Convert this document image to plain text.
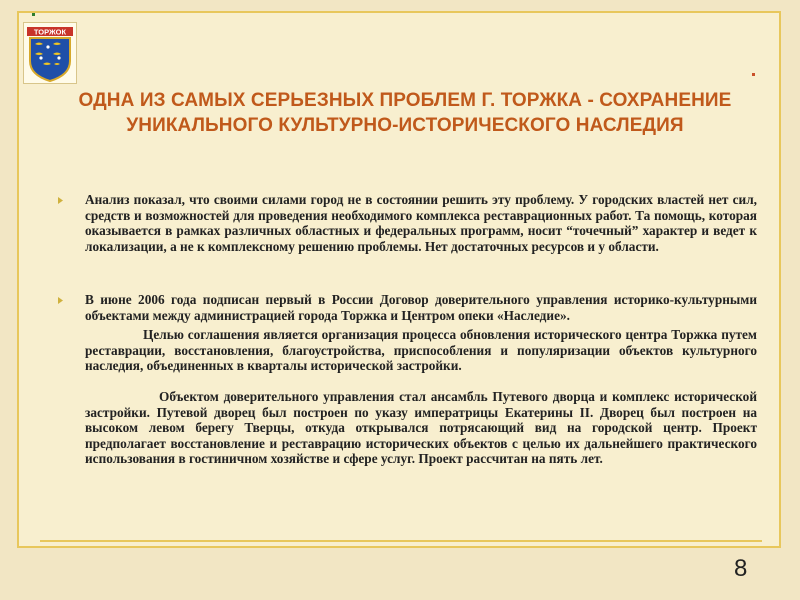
ТОРЖОК
ОДНА ИЗ САМЫХ СЕРЬЕЗНЫХ ПРОБЛЕМ Г. ТОРЖКА - СОХРАНЕНИЕ УНИКАЛЬНОГО КУЛЬТУРНО-ИСТОРИЧЕСКОГО НАСЛЕДИЯ
Анализ показал, что своими силами город не в состоянии решить эту проблему. У городских властей нет сил, средств и возможностей для проведения необходимого комплекса реставрационных работ. Та помощь, которая оказывается в рамках различных областных и федеральных программ, носит “точечный” характер и ведет к локализации, а не к комплексному решению проблемы. Нет достаточных ресурсов и у области.
В июне 2006 года подписан первый в России Договор доверительного управления историко-культурными объектами между администрацией города Торжка и Центром опеки «Наследие».
Целью соглашения является организация процесса обновления исторического центра Торжка путем реставрации, восстановления, благоустройства, приспособления и популяризации объектов культурного наследия, объединенных в кварталы исторической застройки.
Объектом доверительного управления стал ансамбль Путевого дворца и комплекс исторической застройки. Путевой дворец был построен по указу императрицы Екатерины II. Дворец был построен на высоком левом берегу Тверцы, откуда открывался потрясающий вид на городской центр. Проект предполагает восстановление и реставрацию исторических объектов с целью их дальнейшего практического использования в гостиничном хозяйстве и сфере услуг. Проект рассчитан на пять лет.
8
